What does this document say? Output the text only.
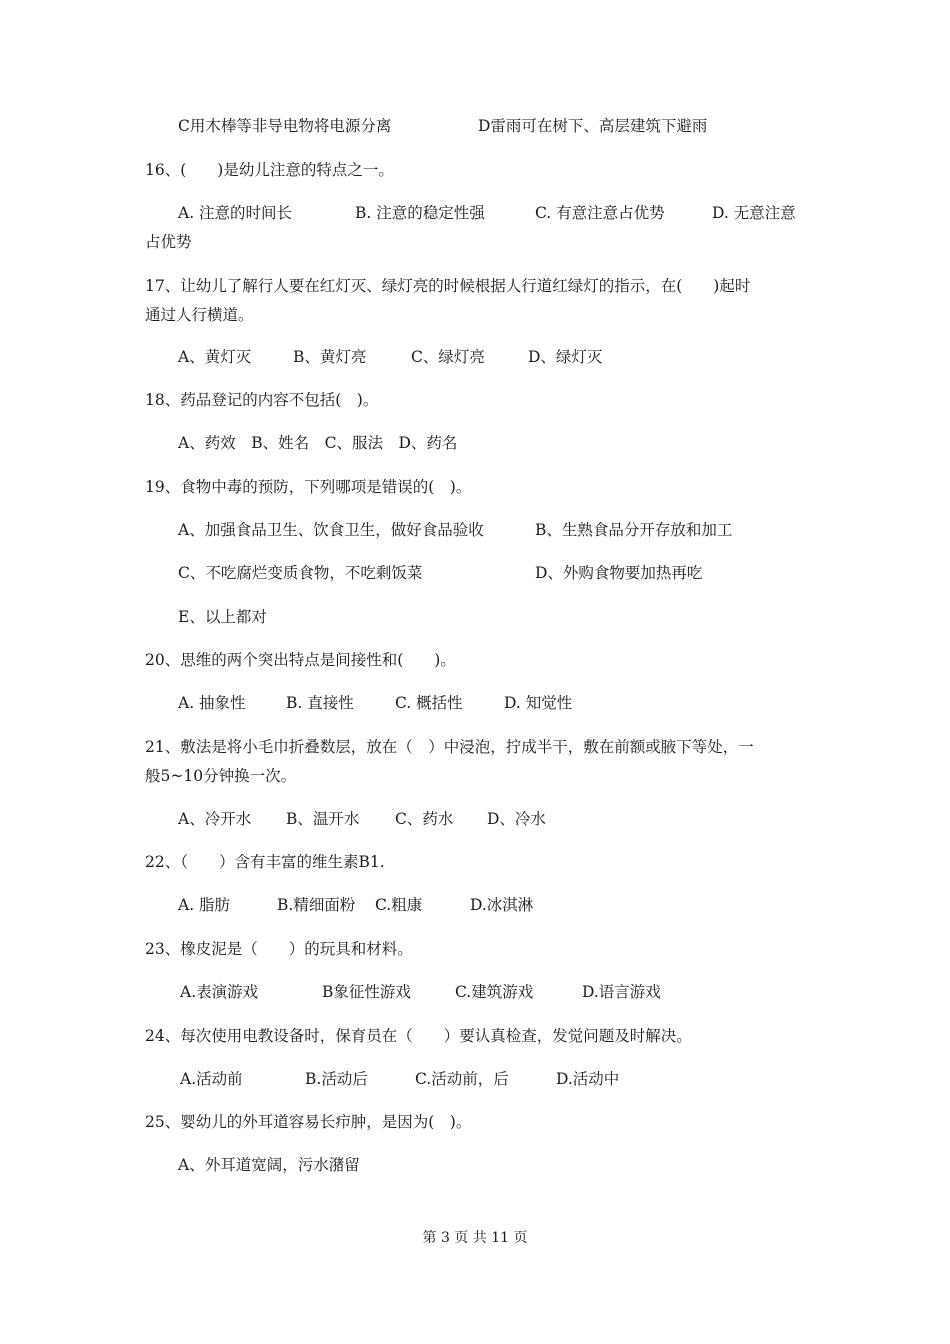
C用木棒等非导电物将电源分离	D雷雨可在树下、高层建筑下避雨
16、(　　)是幼儿注意的特点之一。
A. 注意的时间长	B. 注意的稳定性强	C. 有意注意占优势	D. 无意注意
占优势
17、让幼儿了解行人要在红灯灭、绿灯亮的时候根据人行道红绿灯的指示，在(　　)起时
通过人行横道。
A、黄灯灭	B、黄灯亮	C、绿灯亮	D、绿灯灭
18、药品登记的内容不包括(　)。
A、药效　B、姓名　C、服法　D、药名
19、食物中毒的预防，下列哪项是错误的(　)。
A、加强食品卫生、饮食卫生，做好食品验收	B、生熟食品分开存放和加工
C、不吃腐烂变质食物，不吃剩饭菜	D、外购食物要加热再吃
E、以上都对
20、思维的两个突出特点是间接性和(　　)。
A. 抽象性	B. 直接性	C. 概括性	D. 知觉性
21、敷法是将小毛巾折叠数层，放在（　）中浸泡，拧成半干，敷在前额或腋下等处，一
般5~10分钟换一次。
A、冷开水 B、温开水 C、药水 D、冷水
22、（　　）含有丰富的维生素B1.
A. 脂肪	B.精细面粉 C.粗康	D.冰淇淋
23、橡皮泥是（　　）的玩具和材料。
A.表演游戏	B象征性游戏	C.建筑游戏	D.语言游戏
24、每次使用电教设备时，保育员在（　　）要认真检查，发觉问题及时解决。
A.活动前	B.活动后	C.活动前，后	D.活动中
25、婴幼儿的外耳道容易长疖肿，是因为(　)。
A、外耳道宽阔，污水潴留
第 3 页 共 11 页
